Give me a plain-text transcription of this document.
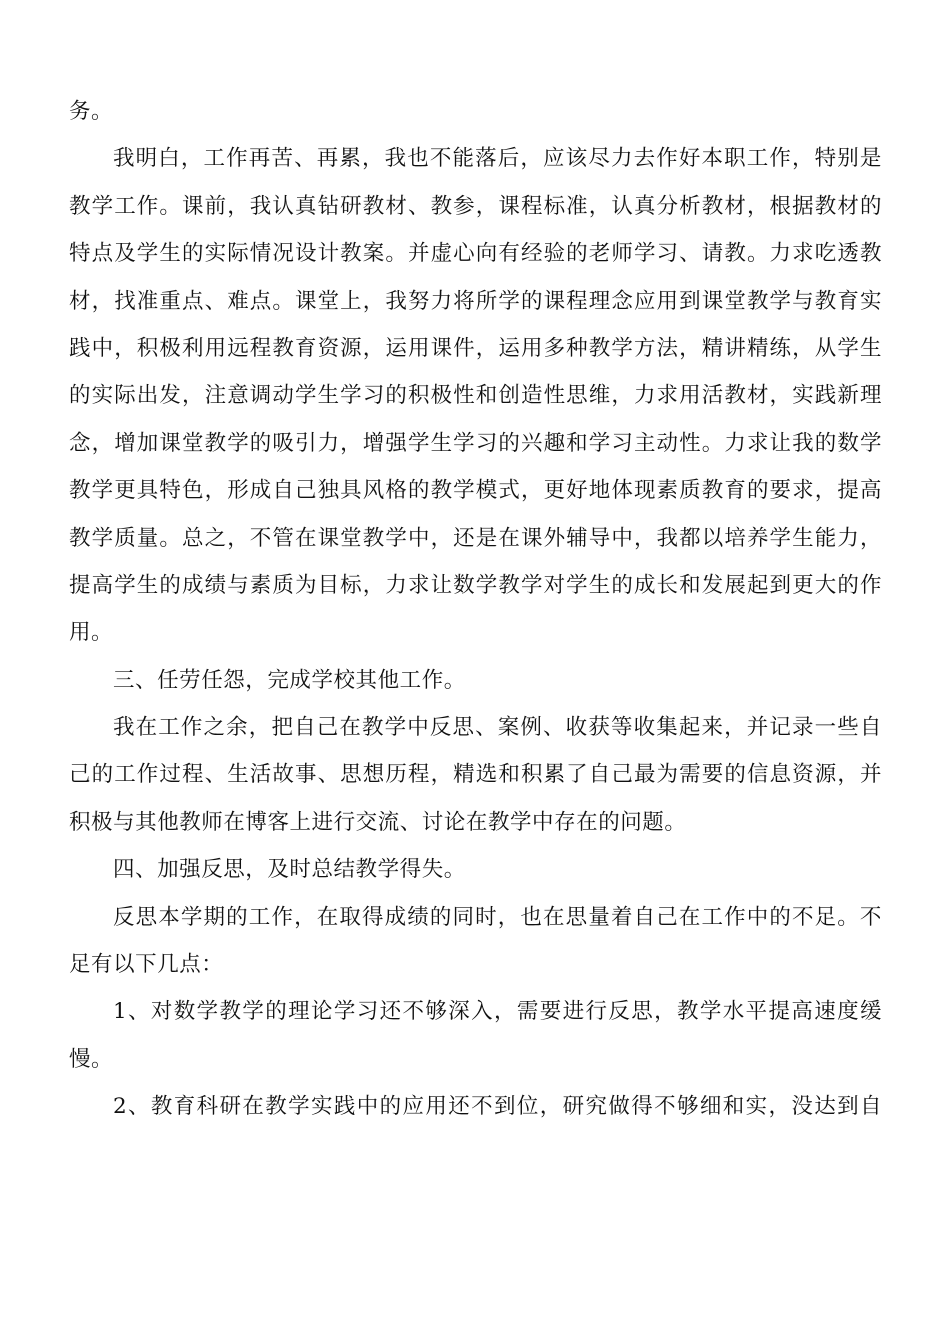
务。
我明白，工作再苦、再累，我也不能落后，应该尽力去作好本职工作，特别是
教学工作。课前，我认真钻研教材、教参，课程标准，认真分析教材，根据教材的
特点及学生的实际情况设计教案。并虚心向有经验的老师学习、请教。力求吃透教
材，找准重点、难点。课堂上，我努力将所学的课程理念应用到课堂教学与教育实
践中，积极利用远程教育资源，运用课件，运用多种教学方法，精讲精练，从学生
的实际出发，注意调动学生学习的积极性和创造性思维，力求用活教材，实践新理
念，增加课堂教学的吸引力，增强学生学习的兴趣和学习主动性。力求让我的数学
教学更具特色，形成自己独具风格的教学模式，更好地体现素质教育的要求，提高
教学质量。总之，不管在课堂教学中，还是在课外辅导中，我都以培养学生能力，
提高学生的成绩与素质为目标，力求让数学教学对学生的成长和发展起到更大的作
用。
三、任劳任怨，完成学校其他工作。
我在工作之余，把自己在教学中反思、案例、收获等收集起来，并记录一些自
己的工作过程、生活故事、思想历程，精选和积累了自己最为需要的信息资源，并
积极与其他教师在博客上进行交流、讨论在教学中存在的问题。
四、加强反思，及时总结教学得失。
反思本学期的工作，在取得成绩的同时，也在思量着自己在工作中的不足。不
足有以下几点：
1、对数学教学的理论学习还不够深入，需要进行反思，教学水平提高速度缓
慢。
2、教育科研在教学实践中的应用还不到位，研究做得不够细和实，没达到自
